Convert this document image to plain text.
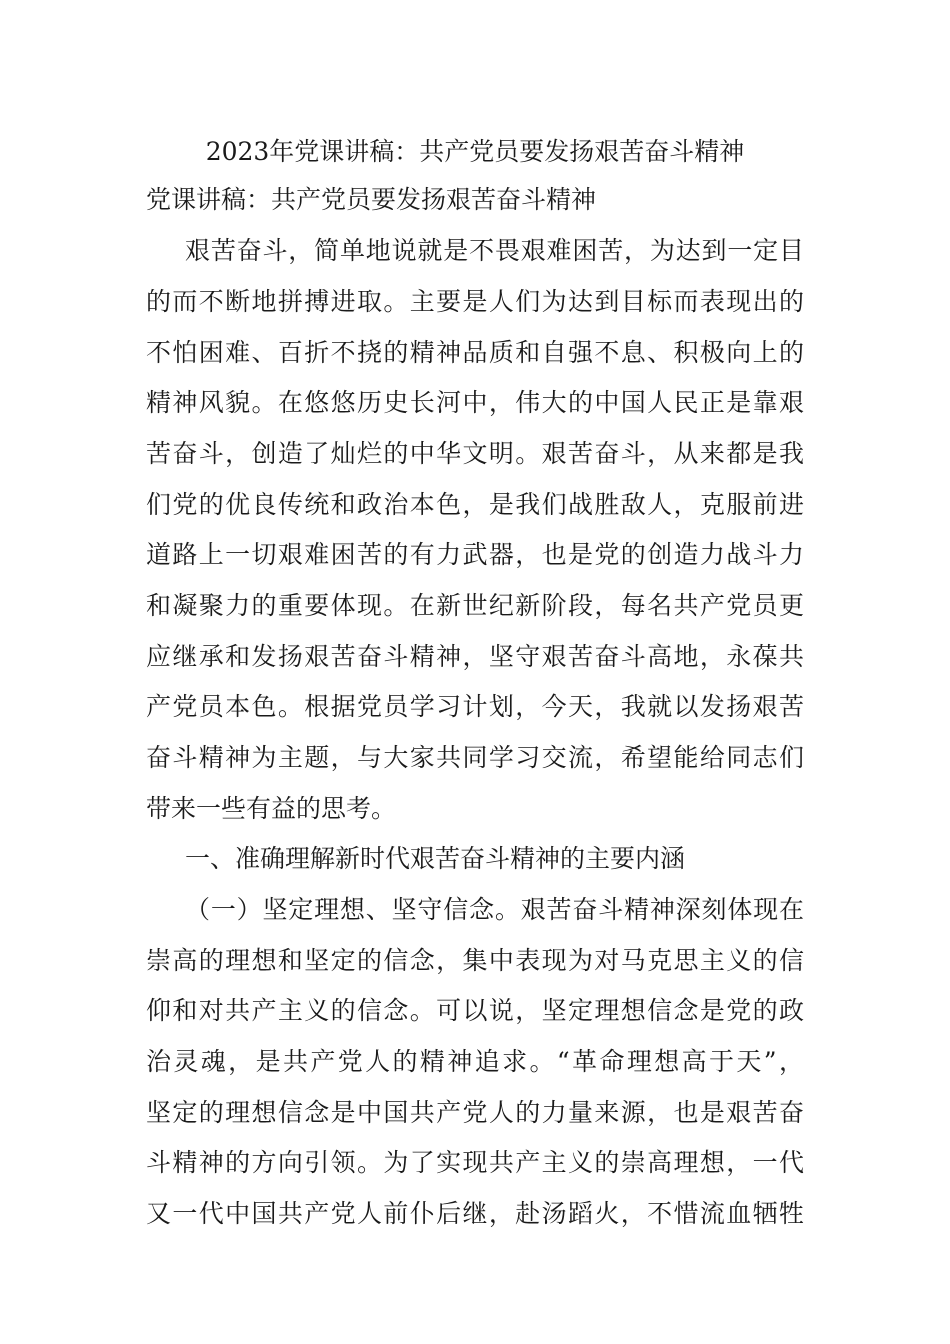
2023年党课讲稿：共产党员要发扬艰苦奋斗精神
党课讲稿：共产党员要发扬艰苦奋斗精神
艰苦奋斗，简单地说就是不畏艰难困苦，为达到一定目
的而不断地拼搏进取。主要是人们为达到目标而表现出的
不怕困难、百折不挠的精神品质和自强不息、积极向上的
精神风貌。在悠悠历史长河中，伟大的中国人民正是靠艰
苦奋斗，创造了灿烂的中华文明。艰苦奋斗，从来都是我
们党的优良传统和政治本色，是我们战胜敌人，克服前进
道路上一切艰难困苦的有力武器，也是党的创造力战斗力
和凝聚力的重要体现。在新世纪新阶段，每名共产党员更
应继承和发扬艰苦奋斗精神，坚守艰苦奋斗高地，永葆共
产党员本色。根据党员学习计划，今天，我就以发扬艰苦
奋斗精神为主题，与大家共同学习交流，希望能给同志们
带来一些有益的思考。
一、准确理解新时代艰苦奋斗精神的主要内涵
（一）坚定理想、坚守信念。艰苦奋斗精神深刻体现在
崇高的理想和坚定的信念，集中表现为对马克思主义的信
仰和对共产主义的信念。可以说，坚定理想信念是党的政
治灵魂，是共产党人的精神追求。“革命理想高于天”，
坚定的理想信念是中国共产党人的力量来源，也是艰苦奋
斗精神的方向引领。为了实现共产主义的崇高理想，一代
又一代中国共产党人前仆后继，赴汤蹈火，不惜流血牺牲
